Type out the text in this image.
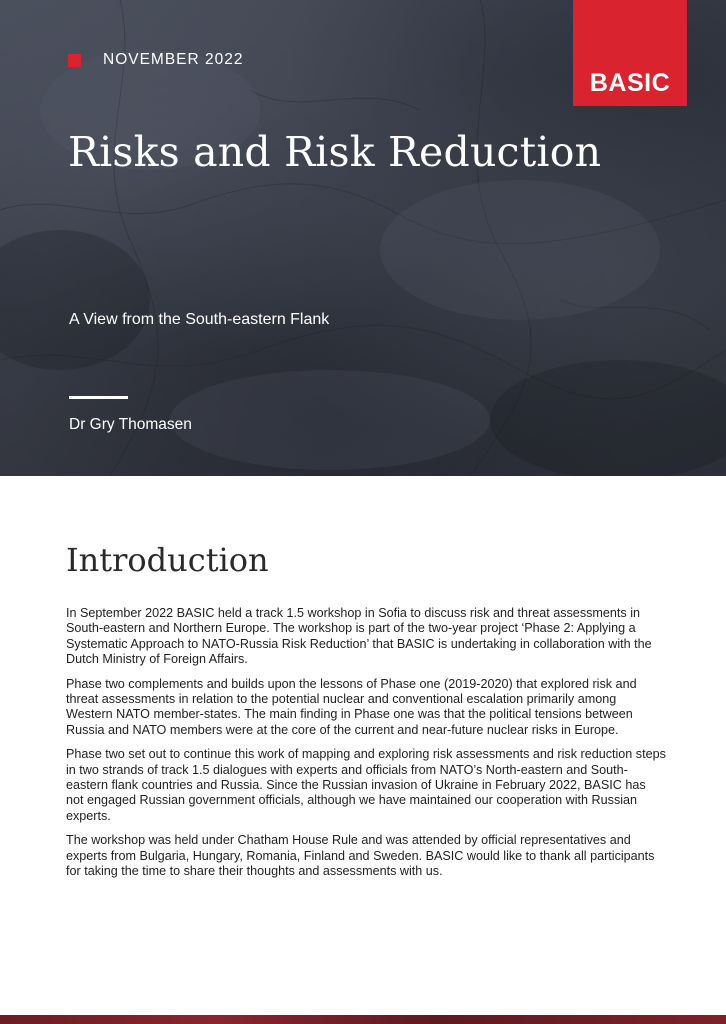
NOVEMBER 2022
BASIC
Risks and Risk Reduction
A View from the South-eastern Flank
Dr Gry Thomasen
Introduction

In September 2022 BASIC held a track 1.5 workshop in Sofia to discuss risk and threat assessments in South-eastern and Northern Europe. The workshop is part of the two-year project ‘Phase 2: Applying a Systematic Approach to NATO-Russia Risk Reduction’ that BASIC is undertaking in collaboration with the Dutch Ministry of Foreign Affairs.

Phase two complements and builds upon the lessons of Phase one (2019-2020) that explored risk and threat assessments in relation to the potential nuclear and conventional escalation primarily among Western NATO member-states. The main finding in Phase one was that the political tensions between Russia and NATO members were at the core of the current and near-future nuclear risks in Europe.

Phase two set out to continue this work of mapping and exploring risk assessments and risk reduction steps in two strands of track 1.5 dialogues with experts and officials from NATO’s North-eastern and South-eastern flank countries and Russia. Since the Russian invasion of Ukraine in February 2022, BASIC has not engaged Russian government officials, although we have maintained our cooperation with Russian experts.

The workshop was held under Chatham House Rule and was attended by official representatives and experts from Bulgaria, Hungary, Romania, Finland and Sweden. BASIC would like to thank all participants for taking the time to share their thoughts and assessments with us.
